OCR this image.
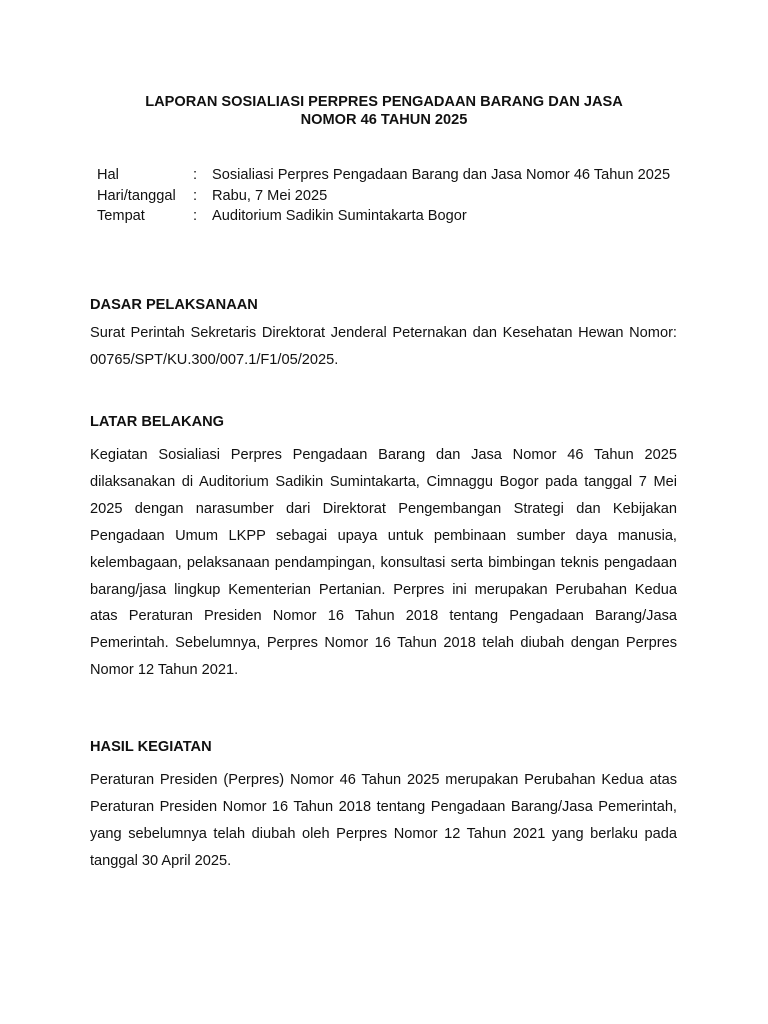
LAPORAN SOSIALIASI PERPRES PENGADAAN BARANG DAN JASA
NOMOR 46 TAHUN 2025
Hal	:	Sosialiasi Perpres Pengadaan Barang dan Jasa Nomor 46 Tahun 2025
Hari/tanggal	:	Rabu, 7 Mei 2025
Tempat	:	Auditorium Sadikin Sumintakarta Bogor
DASAR PELAKSANAAN
Surat Perintah Sekretaris Direktorat Jenderal Peternakan dan Kesehatan Hewan Nomor: 00765/SPT/KU.300/007.1/F1/05/2025.
LATAR BELAKANG
Kegiatan Sosialiasi Perpres Pengadaan Barang dan Jasa Nomor 46 Tahun 2025 dilaksanakan di Auditorium Sadikin Sumintakarta, Cimnaggu Bogor pada tanggal 7 Mei 2025 dengan narasumber dari Direktorat Pengembangan Strategi dan Kebijakan Pengadaan Umum LKPP sebagai upaya untuk pembinaan sumber daya manusia, kelembagaan, pelaksanaan pendampingan, konsultasi serta bimbingan teknis pengadaan barang/jasa lingkup Kementerian Pertanian. Perpres ini merupakan Perubahan Kedua atas Peraturan Presiden Nomor 16 Tahun 2018 tentang Pengadaan Barang/Jasa Pemerintah. Sebelumnya, Perpres Nomor 16 Tahun 2018 telah diubah dengan Perpres Nomor 12 Tahun 2021.
HASIL KEGIATAN
Peraturan Presiden (Perpres) Nomor 46 Tahun 2025 merupakan Perubahan Kedua atas Peraturan Presiden Nomor 16 Tahun 2018 tentang Pengadaan Barang/Jasa Pemerintah, yang sebelumnya telah diubah oleh Perpres Nomor 12 Tahun 2021 yang berlaku pada tanggal 30 April 2025.
